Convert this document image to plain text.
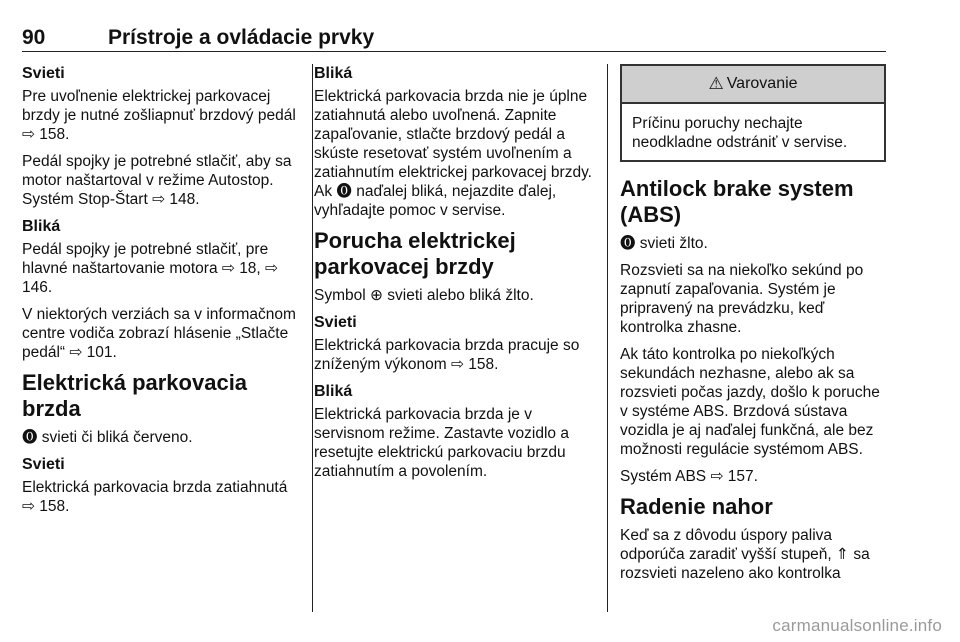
90	Prístroje a ovládacie prvky
Svieti
Pre uvoľnenie elektrickej parkovacej brzdy je nutné zošliapnuť brzdový pedál ⇨ 158.
Pedál spojky je potrebné stlačiť, aby sa motor naštartoval v režime Autostop. Systém Stop-Štart ⇨ 148.
Bliká
Pedál spojky je potrebné stlačiť, pre hlavné naštartovanie motora ⇨ 18, ⇨ 146.
V niektorých verziách sa v informačnom centre vodiča zobrazí hlásenie „Stlačte pedál“ ⇨ 101.
Elektrická parkovacia brzda
⓿ svieti či bliká červeno.
Svieti
Elektrická parkovacia brzda zatiahnutá ⇨ 158.
Bliká
Elektrická parkovacia brzda nie je úplne zatiahnutá alebo uvoľnená. Zapnite zapaľovanie, stlačte brzdový pedál a skúste resetovať systém uvoľnením a zatiahnutím elektrickej parkovacej brzdy. Ak ⓿ naďalej bliká, nejazdite ďalej, vyhľadajte pomoc v servise.
Porucha elektrickej parkovacej brzdy
Symbol ⊕ svieti alebo bliká žlto.
Svieti
Elektrická parkovacia brzda pracuje so zníženým výkonom ⇨ 158.
Bliká
Elektrická parkovacia brzda je v servisnom režime. Zastavte vozidlo a resetujte elektrickú parkovaciu brzdu zatiahnutím a povolením.
⚠ Varovanie
Príčinu poruchy nechajte neodkladne odstrániť v servise.
Antilock brake system (ABS)
⓿ svieti žlto.
Rozsvieti sa na niekoľko sekúnd po zapnutí zapaľovania. Systém je pripravený na prevádzku, keď kontrolka zhasne.
Ak táto kontrolka po niekoľkých sekundách nezhasne, alebo ak sa rozsvieti počas jazdy, došlo k poruche v systéme ABS. Brzdová sústava vozidla je aj naďalej funkčná, ale bez možnosti regulácie systémom ABS.
Systém ABS ⇨ 157.
Radenie nahor
Keď sa z dôvodu úspory paliva odporúča zaradiť vyšší stupeň, ⇑ sa rozsvieti nazeleno ako kontrolka
carmanualsonline.info
